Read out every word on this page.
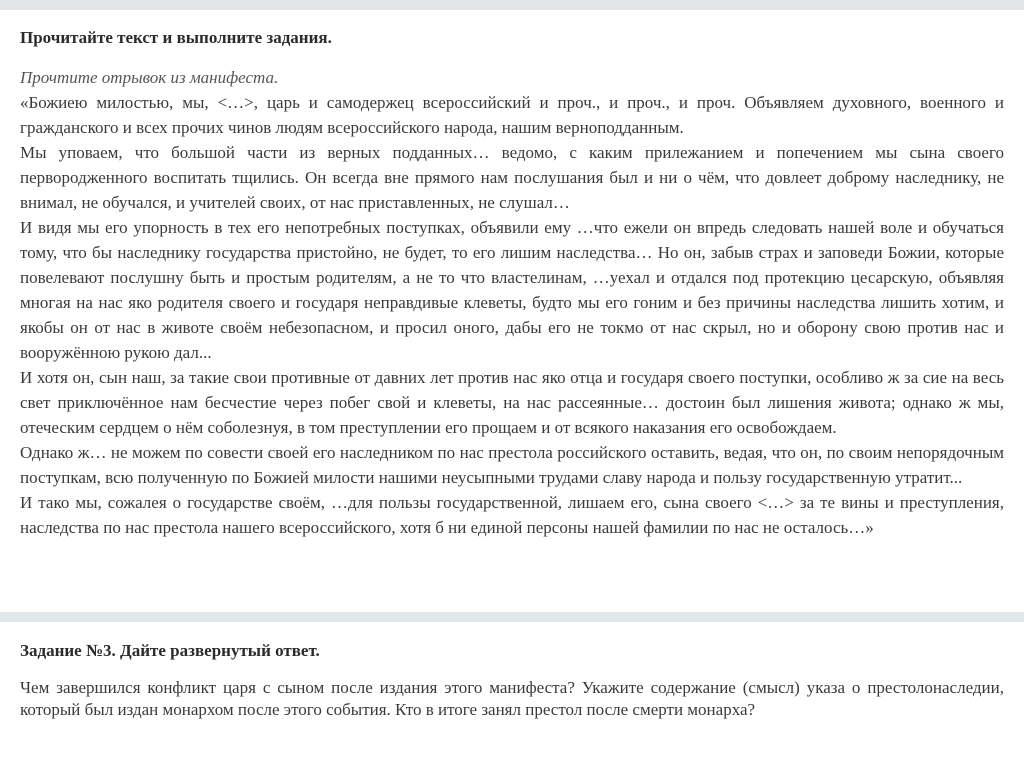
Прочитайте текст и выполните задания.

Прочтите отрывок из манифеста.

«Божиею милостью, мы, <…>, царь и самодержец всероссийский и проч., и проч., и проч. Объявляем духовного, военного и гражданского и всех прочих чинов людям всероссийского народа, нашим верноподданным.

Мы уповаем, что большой части из верных подданных… ведомо, с каким прилежанием и попечением мы сына своего первородженного воспитать тщились. Он всегда вне прямого нам послушания был и ни о чём, что довлеет доброму наследнику, не внимал, не обучался, и учителей своих, от нас приставленных, не слушал…

И видя мы его упорность в тех его непотребных поступках, объявили ему …что ежели он впредь следовать нашей воле и обучаться тому, что бы наследнику государства пристойно, не будет, то его лишим наследства… Но он, забыв страх и заповеди Божии, которые повелевают послушну быть и простым родителям, а не то что властелинам, …уехал и отдался под протекцию цесарскую, объявляя многая на нас яко родителя своего и государя неправдивые клеветы, будто мы его гоним и без причины наследства лишить хотим, и якобы он от нас в животе своём небезопасном, и просил оного, дабы его не токмо от нас скрыл, но и оборону свою против нас и вооружённою рукою дал...

И хотя он, сын наш, за такие свои противные от давних лет против нас яко отца и государя своего поступки, особливо ж за сие на весь свет приключённое нам бесчестие через побег свой и клеветы, на нас рассеянные… достоин был лишения живота; однако ж мы, отеческим сердцем о нём соболезнуя, в том преступлении его прощаем и от всякого наказания его освобождаем.

Однако ж… не можем по совести своей его наследником по нас престола российского оставить, ведая, что он, по своим непорядочным поступкам, всю полученную по Божией милости нашими неусыпными трудами славу народа и пользу государственную утратит...

И тако мы, сожалея о государстве своём, …для пользы государственной, лишаем его, сына своего <…> за те вины и преступления, наследства по нас престола нашего всероссийского, хотя б ни единой персоны нашей фамилии по нас не осталось…»

Задание №3. Дайте развернутый ответ.

Чем завершился конфликт царя с сыном после издания этого манифеста? Укажите содержание (смысл) указа о престолонаследии, который был издан монархом после этого события. Кто в итоге занял престол после смерти монарха?
